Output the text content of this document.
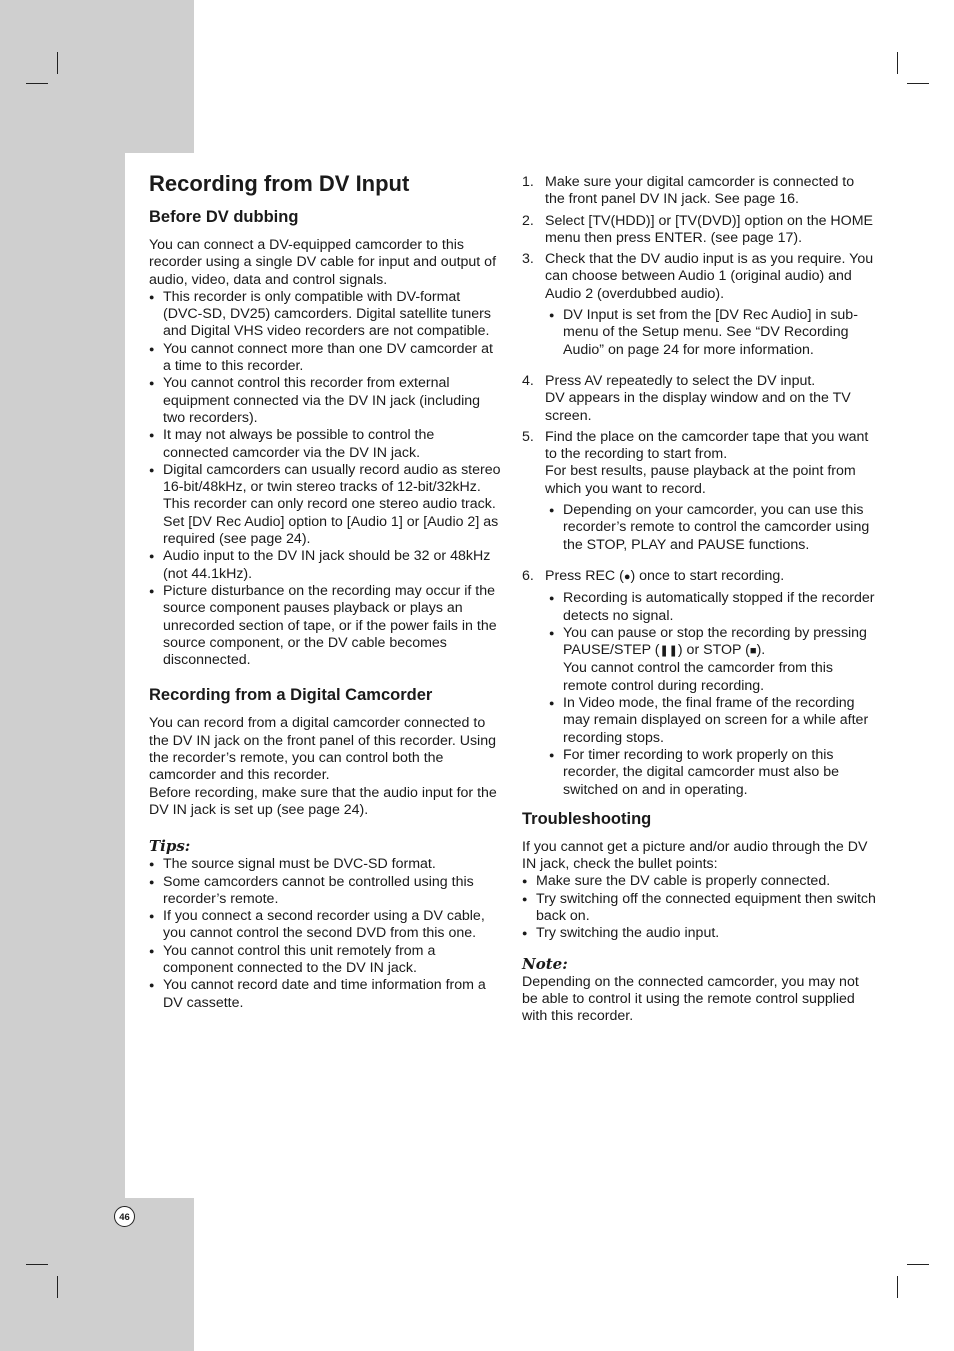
Recording from DV Input
Before DV dubbing

You can connect a DV-equipped camcorder to this recorder using a single DV cable for input and output of audio, video, data and control signals.

● This recorder is only compatible with DV-format (DVC-SD, DV25) camcorders. Digital satellite tuners and Digital VHS video recorders are not compatible.
● You cannot connect more than one DV camcorder at a time to this recorder.
● You cannot control this recorder from external equipment connected via the DV IN jack (including two recorders).
● It may not always be possible to control the connected camcorder via the DV IN jack.
● Digital camcorders can usually record audio as stereo 16-bit/48kHz, or twin stereo tracks of 12-bit/32kHz. This recorder can only record one stereo audio track. Set [DV Rec Audio] option to [Audio 1] or [Audio 2] as required (see page 24).
● Audio input to the DV IN jack should be 32 or 48kHz (not 44.1kHz).
● Picture disturbance on the recording may occur if the source component pauses playback or plays an unrecorded section of tape, or if the power fails in the source component, or the DV cable becomes disconnected.
Recording from a Digital Camcorder

You can record from a digital camcorder connected to the DV IN jack on the front panel of this recorder. Using the recorder’s remote, you can control both the camcorder and this recorder.

Before recording, make sure that the audio input for the DV IN jack is set up (see page 24).

Tips:
● The source signal must be DVC-SD format.
● Some camcorders cannot be controlled using this recorder’s remote.
● If you connect a second recorder using a DV cable, you cannot control the second DVD from this one.
● You cannot control this unit remotely from a component connected to the DV IN jack.
● You cannot record date and time information from a DV cassette.
1. Make sure your digital camcorder is connected to the front panel DV IN jack. See page 16.
2. Select [TV(HDD)] or [TV(DVD)] option on the HOME menu then press ENTER. (see page 17).
3. Check that the DV audio input is as you require. You can choose between Audio 1 (original audio) and Audio 2 (overdubbed audio).
● DV Input is set from the [DV Rec Audio] in sub-menu of the Setup menu. See “DV Recording Audio” on page 24 for more information.
4. Press AV repeatedly to select the DV input.
DV appears in the display window and on the TV screen.
5. Find the place on the camcorder tape that you want to the recording to start from.
For best results, pause playback at the point from which you want to record.
● Depending on your camcorder, you can use this recorder’s remote to control the camcorder using the STOP, PLAY and PAUSE functions.
6. Press REC (●) once to start recording.
● Recording is automatically stopped if the recorder detects no signal.
● You can pause or stop the recording by pressing PAUSE/STEP (❚❚) or STOP (■).
You cannot control the camcorder from this remote control during recording.
● In Video mode, the final frame of the recording may remain displayed on screen for a while after recording stops.
● For timer recording to work properly on this recorder, the digital camcorder must also be switched on and in operating.
Troubleshooting

If you cannot get a picture and/or audio through the DV IN jack, check the bullet points:

● Make sure the DV cable is properly connected.
● Try switching off the connected equipment then switch back on.
● Try switching the audio input.
Note:

Depending on the connected camcorder, you may not be able to control it using the remote control supplied with this recorder.

46
